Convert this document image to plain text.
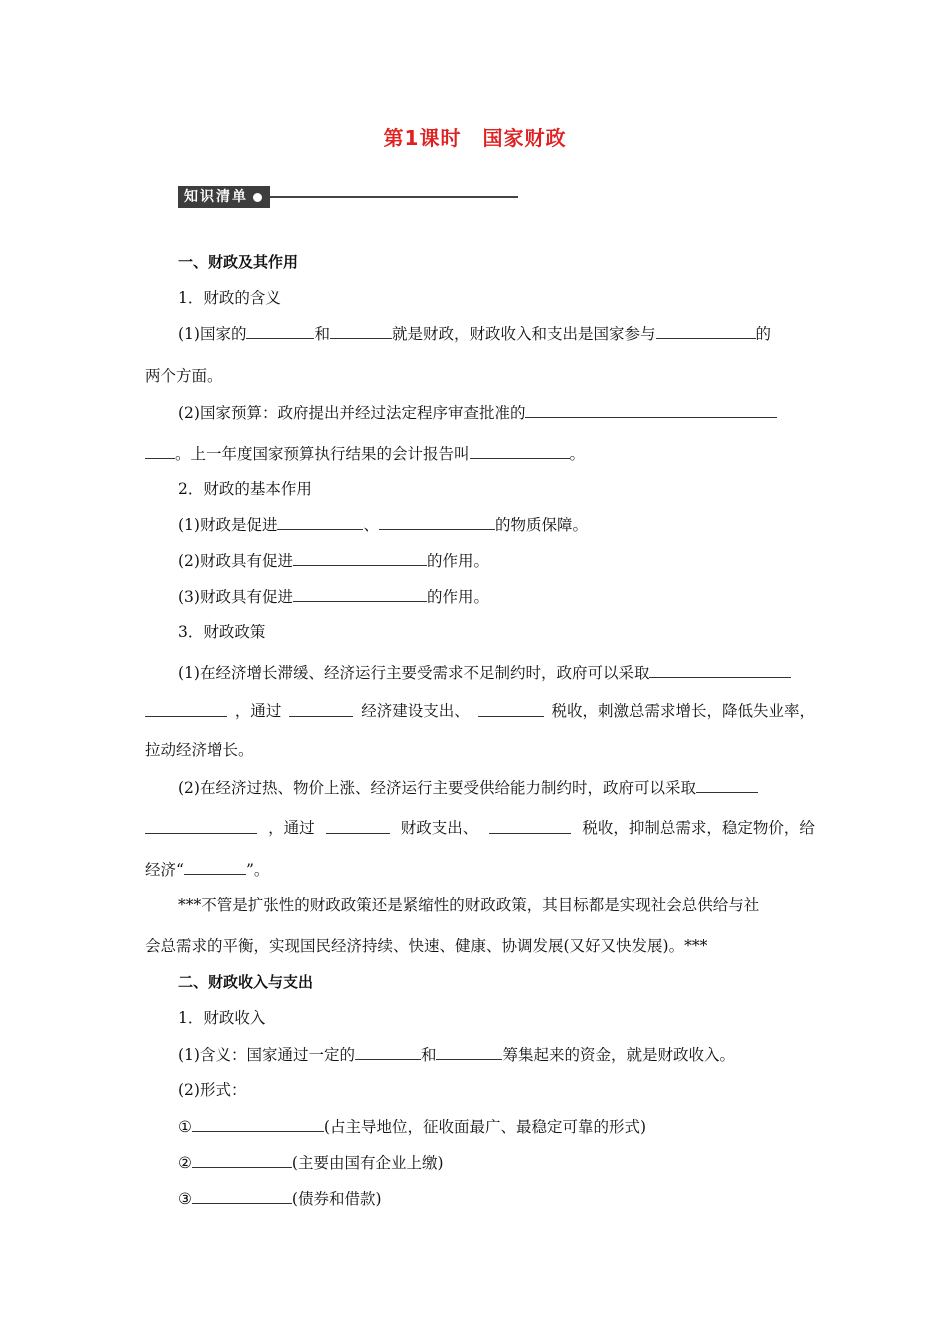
第1课时　国家财政
知识清单
一、财政及其作用
1．财政的含义
(1)国家的	和	就是财政，财政收入和支出是国家参与	的
两个方面。
(2)国家预算：政府提出并经过法定程序审查批准的
。上一年度国家预算执行结果的会计报告叫	。
2．财政的基本作用
(1)财政是促进	、	的物质保障。
(2)财政具有促进	的作用。
(3)财政具有促进	的作用。
3．财政政策
(1)在经济增长滞缓、经济运行主要受需求不足制约时，政府可以采取
，通过	经济建设支出、	税收，刺激总需求增长，降低失业率，
拉动经济增长。
(2)在经济过热、物价上涨、经济运行主要受供给能力制约时，政府可以采取
，通过	财政支出、	税收，抑制总需求，稳定物价，给
经济“	”。
***不管是扩张性的财政政策还是紧缩性的财政政策，其目标都是实现社会总供给与社
会总需求的平衡，实现国民经济持续、快速、健康、协调发展(又好又快发展)。***
二、财政收入与支出
1．财政收入
(1)含义：国家通过一定的	和	筹集起来的资金，就是财政收入。
(2)形式：
①	(占主导地位，征收面最广、最稳定可靠的形式)
②	(主要由国有企业上缴)
③	(债券和借款)
